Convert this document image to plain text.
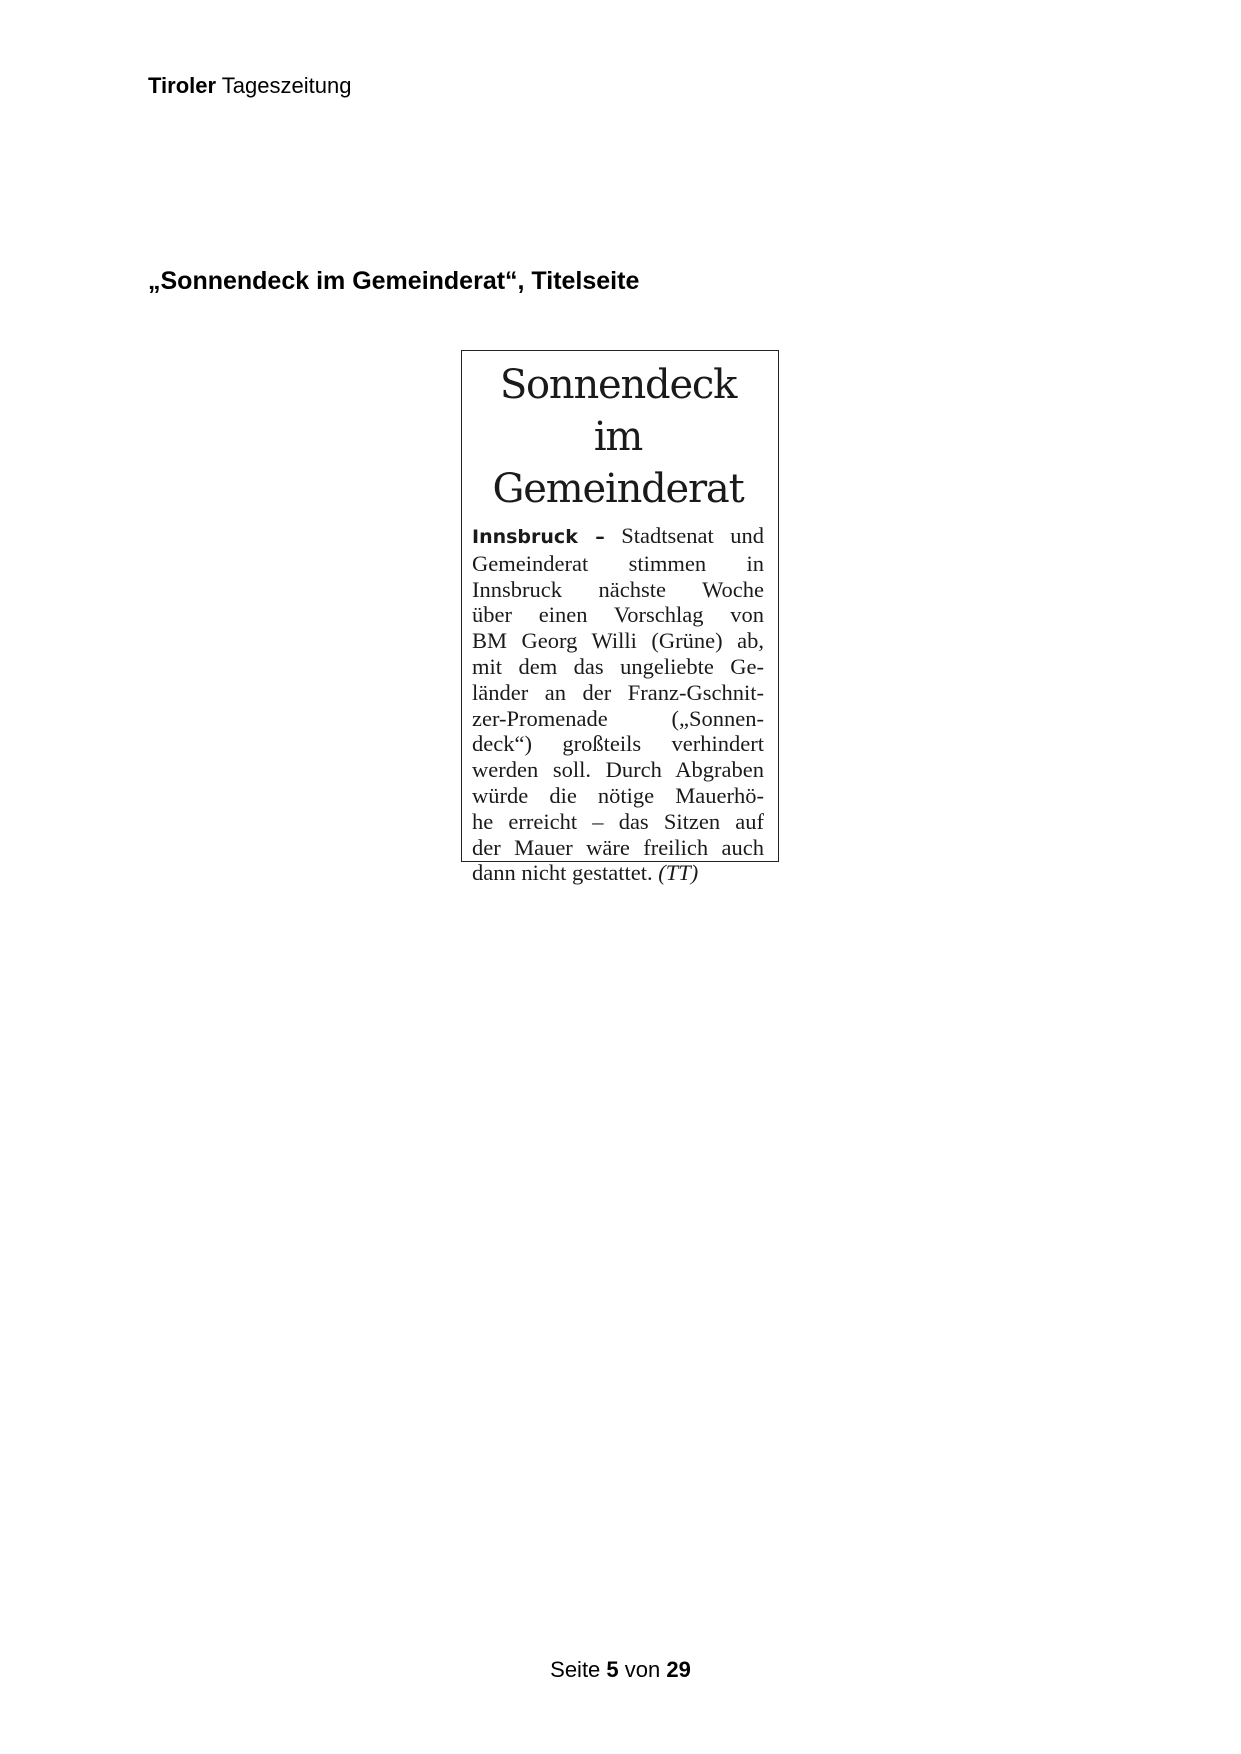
Tiroler Tageszeitung
„Sonnendeck im Gemeinderat“, Titelseite
Sonnendeck im
Gemeinderat
Innsbruck – Stadtsenat und
Gemeinderat stimmen in
Innsbruck nächste Woche
über einen Vorschlag von
BM Georg Willi (Grüne) ab,
mit dem das ungeliebte Ge-
länder an der Franz-Gschnit-
zer-Promenade („Sonnen-
deck“) großteils verhindert
werden soll. Durch Abgraben
würde die nötige Mauerhö-
he erreicht – das Sitzen auf
der Mauer wäre freilich auch
dann nicht gestattet. (TT)
Seite 5 von 29
